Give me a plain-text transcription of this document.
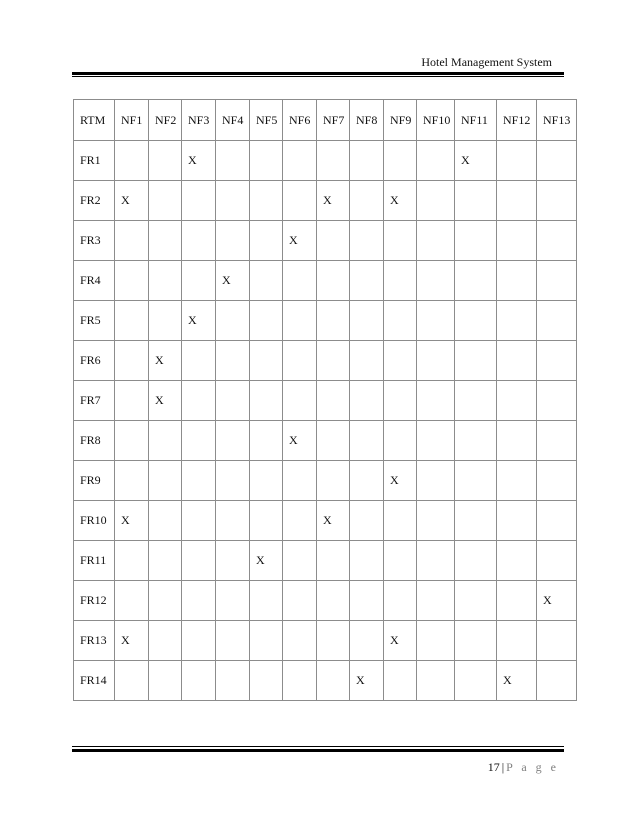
Hotel Management System
RTM	NF1	NF2	NF3	NF4	NF5	NF6	NF7	NF8	NF9	NF10	NF11	NF12	NF13
FR1			X								X		
FR2	X						X		X				
FR3						X							
FR4				X									
FR5			X										
FR6		X											
FR7		X											
FR8						X							
FR9									X				
FR10	X						X						
FR11					X								
FR12													X
FR13	X								X				
FR14								X				X	
17 | P a g e
